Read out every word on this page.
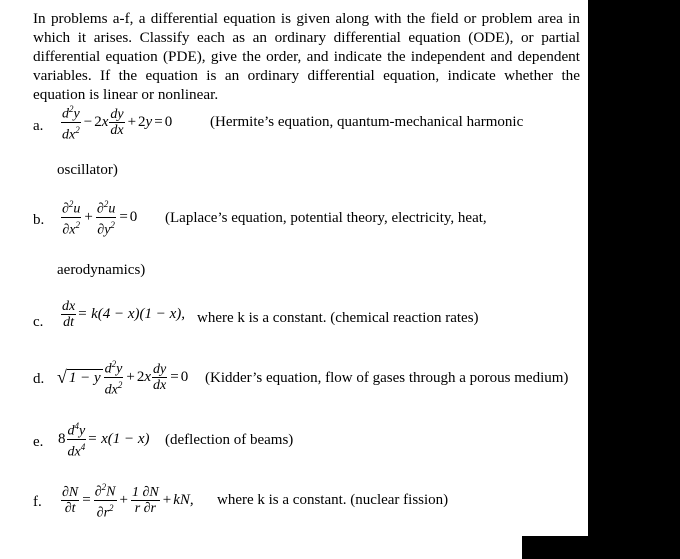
In problems a-f, a differential equation is given along with the field or problem area in which it arises. Classify each as an ordinary differential equation (ODE), or partial differential equation (PDE), give the order, and indicate the independent and dependent variables. If the equation is an ordinary differential equation, indicate whether the equation is linear or nonlinear.
a. $\frac{d^2y}{dx^2} - 2$ x $\frac{dy}{dx} + 2$ y = 0	(Hermite’s equation, quantum-mechanical harmonic
oscillator)
b. $\frac{\partial^2u}{\partial x^2} + \frac{\partial^2u}{\partial y^2} = 0$ (Laplace’s equation, potential theory, electricity, heat,
aerodynamics)
c. $\frac{dx}{dt} = k(4 - x)(1 - x)$, where k is a constant. (chemical reaction rates)
d. √ 1 − y $\frac{d^2y}{dx^2} + 2$ x $\frac{dy}{dx} = 0$ (Kidder’s equation, flow of gases through a porous medium)
e. $8 \frac{d^4y}{dx^4} = x(1 - x)$ (deflection of beams)
f. $\frac{\partial N}{\partial t} = \frac{\partial^2N}{\partial r^2} + \frac{1 \partial N}{r \partial r}$ + kN, where k is a constant. (nuclear fission)
